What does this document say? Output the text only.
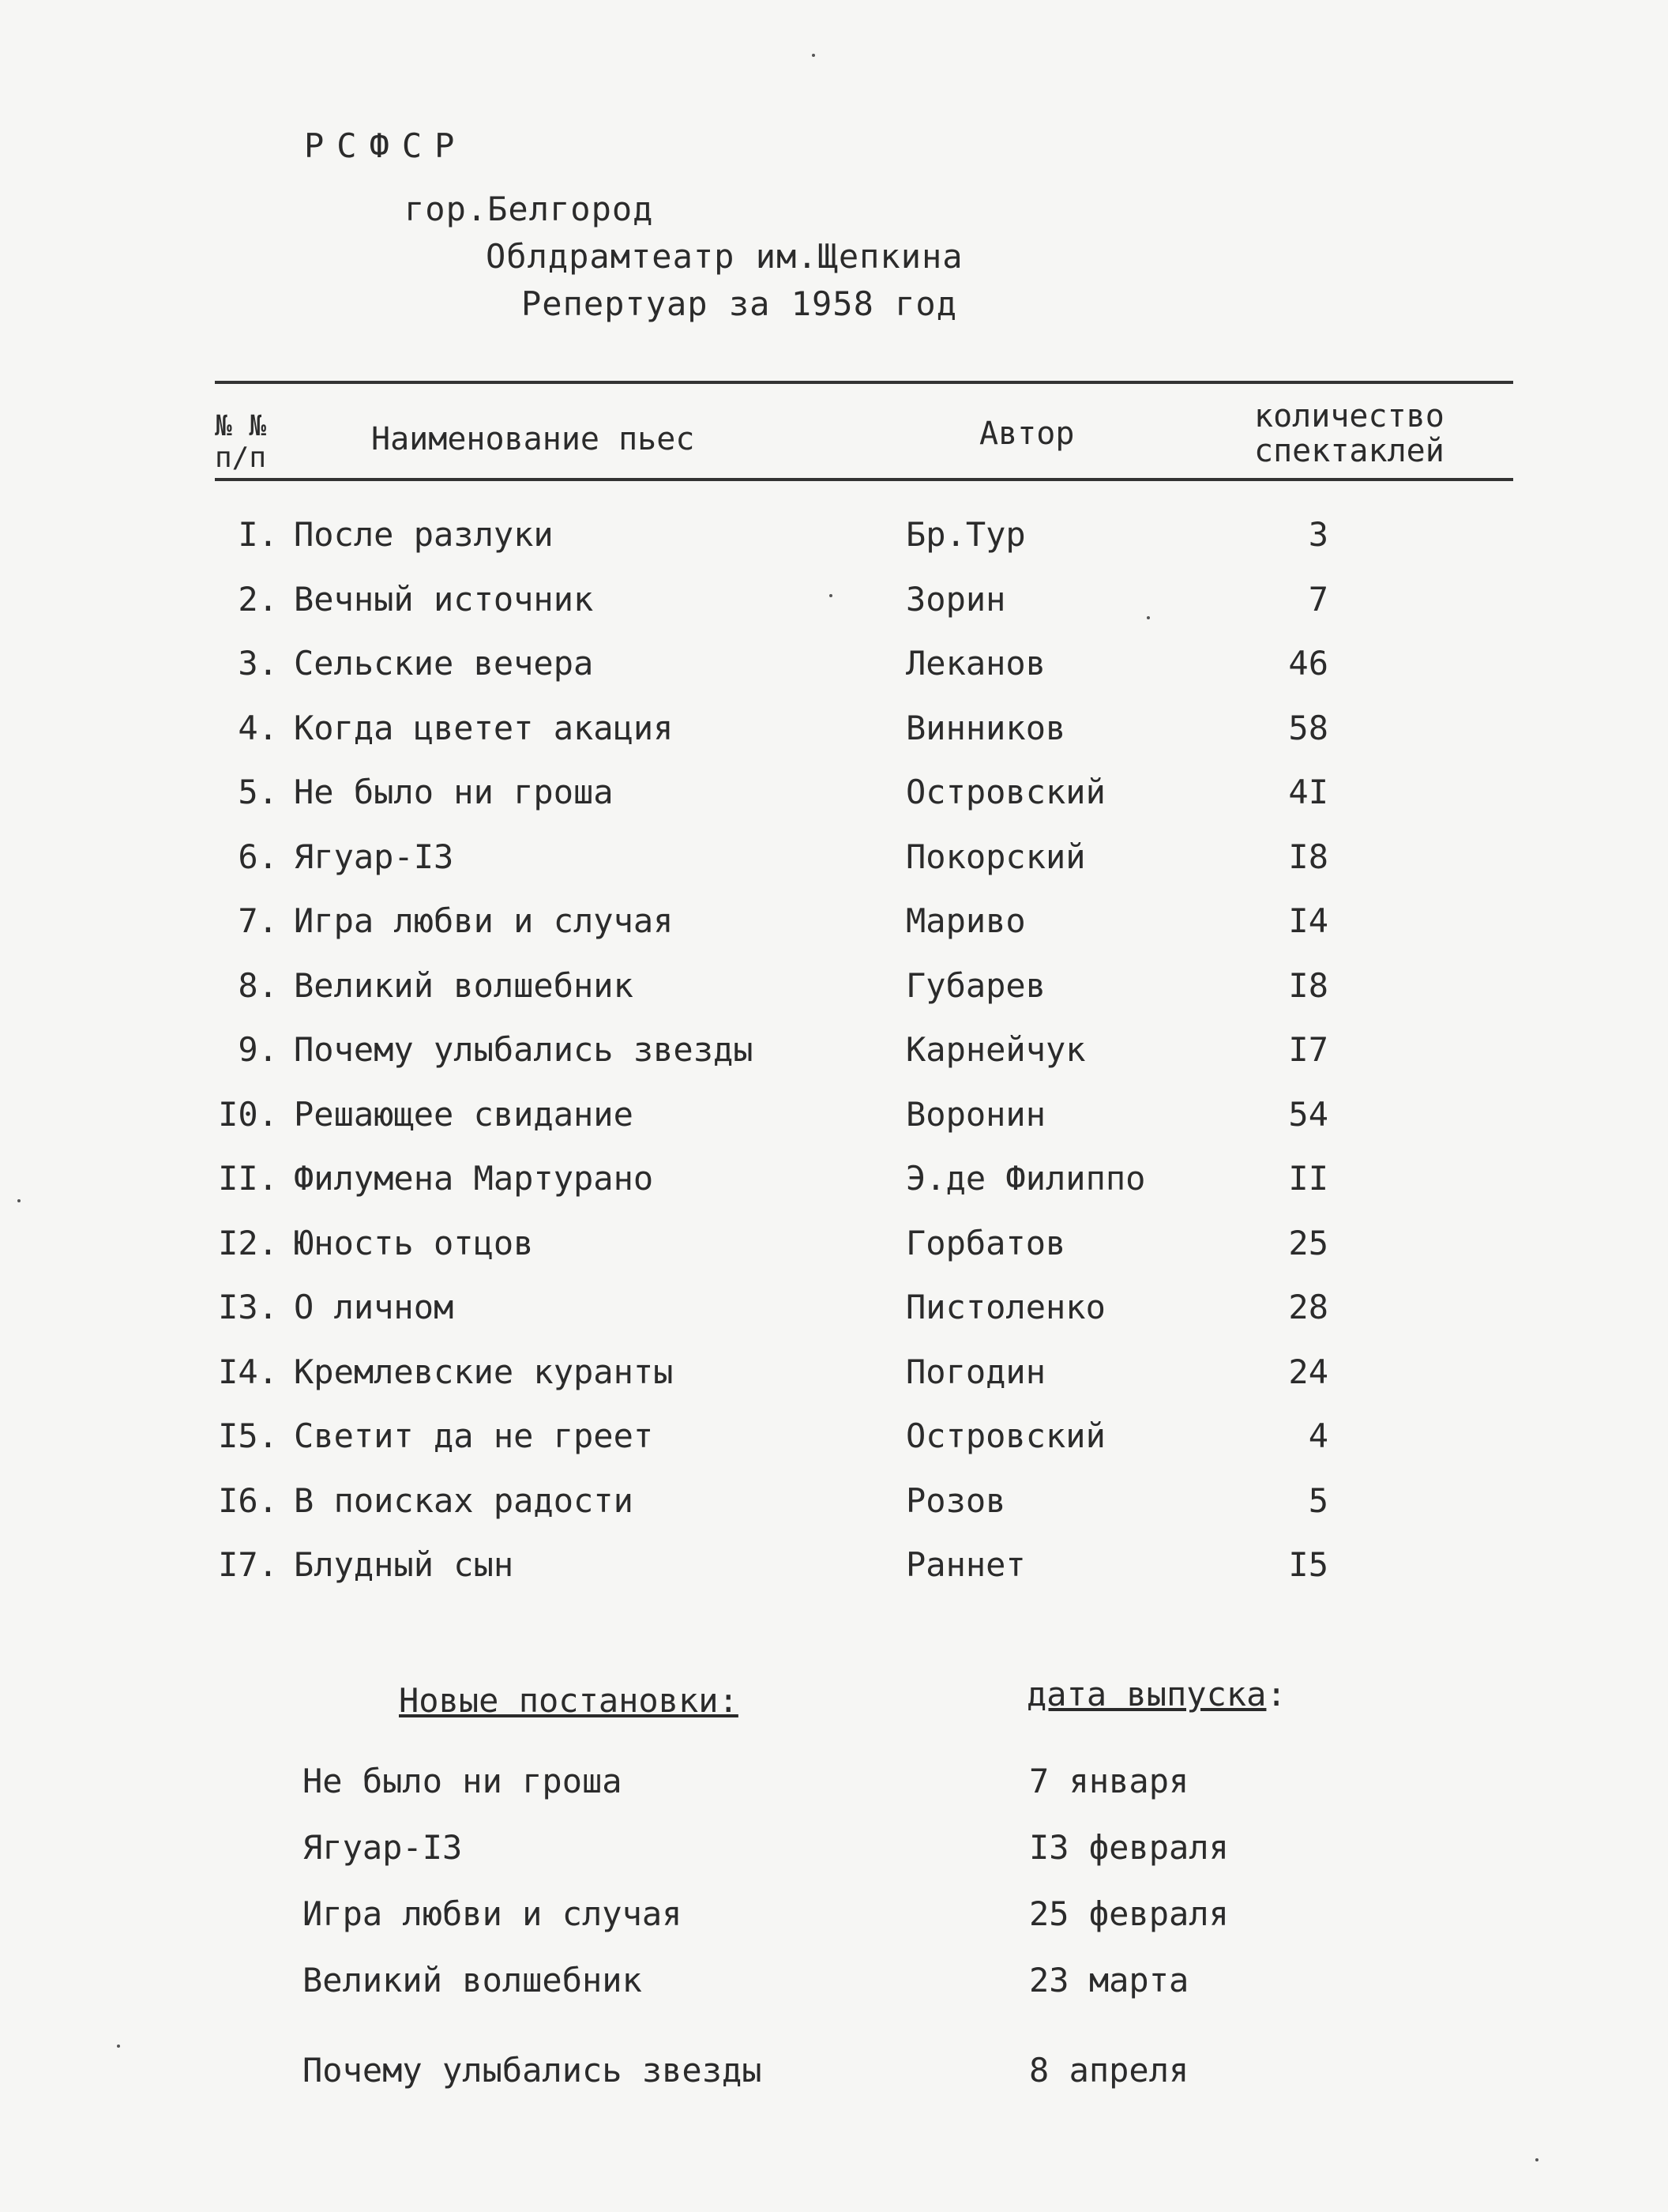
РСФСР
гор.Белгород
Облдрамтеатр им.Щепкина
Репертуар за 1958 год
№ №
п/п
Наименование пьес	Автор	количество
спектаклей
I. После разлуки	Бр.Тур	3
2. Вечный источник	Зорин	7
3. Сельские вечера	Леканов	46
4. Когда цветет акация	Винников	58
5. Не было ни гроша	Островский	4I
6. Ягуар-I3	Покорский	I8
7. Игра любви и случая	Мариво	I4
8. Великий волшебник	Губарев	I8
9. Почему улыбались звезды	Карнейчук	I7
I0. Решающее свидание	Воронин	54
II. Филумена Мартурано	Э.де Филиппо	II
I2. Юность отцов	Горбатов	25
I3. О личном	Пистоленко	28
I4. Кремлевские куранты	Погодин	24
I5. Светит да не греет	Островский	4
I6. В поисках радости	Розов	5
I7. Блудный сын	Раннет	I5
Новые постановки:	дата выпуска:
Не было ни гроша	7 января
Ягуар-I3	I3 февраля
Игра любви и случая	25 февраля
Великий волшебник	23 марта
Почему улыбались звезды	8 апреля
